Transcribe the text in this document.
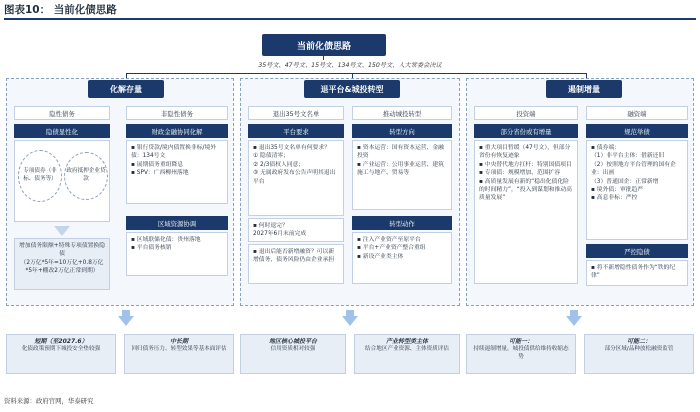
图表10： 当前化债思路
当前化债思路
35号文、47号文、15号文、134号文、150号文、人大常委会决议
化解存量
隐性债务	非隐性债务
隐债显性化
专项债券（非标、债务等）
政府抵押企业贷款
增加债务限额+特殊专项债置换隐债
（2万亿*5年=10万亿+0.8万亿*5年+棚改2万亿正常到期）
财政金融协同化解
▪ 银行贷款/境内债置换非标/境外债：134号文
▪ 展期债务重组降息
▪ SPV：广西柳州落地
区域资源协调
▪ 区域联储化债：贵州落地
▪ 平台债务核销
退平台&城投转型
退出35号文名单	推动城投转型
平台要求
▪ 退出35号文名单有何要求？
① 隐债清零；
② 2/3债权人同意；
③ 无属政府发布公告声明其退出平台
▪ 何时退完？
2027年6月末前完成
▪ 退出后能否新增融资？可以新增债务，债务风险仍由企业承担
转型方向
▪ 资本运营：国有资本运营、金融投资
▪ 产业运营：公用事业运营、建筑施工与地产、贸易等
转型动作
▪ 注入产业资产至原平台
▪ 平台+产业资产整合重组
▪ 新设产业类主体
遏制增量
投资端	融资端
部分省份或有增量
▪ 重大项目暂缓（47号文），但部分省份有恢复迹象
▪ 中央替代地方扛杆：特别国债项目
▪ 专项债：规模增加、范围扩容
▪ 高质量发展有新的“稳出化债化险的时间精力”，“投入到谋划和推动高质量发展”
规范举债
▪ 债券端：
（1）非平台主体：借新还旧
（2）按照地方平台管理的国有企业：出画
（3）普通国企：正常新增
▪ 境外债：审批趋严
▪ 高息非标：严控
严控隐债
▪ 将不新增隐性债务作为“铁的纪律”
短期（至2027.6）
化债政策预期下城投安全垫较强
中长期
回归债务压力、转型效果等基本面评估
地区核心城投平台
信用资质相对较强
产业转型类主体
结合地区产业资源、主体资质评估
可能一：
持续遏制增量，城投债供给维持收缩态势
可能二：
部分区域/品种放松融资监管
资料来源：政府官网，华泰研究
